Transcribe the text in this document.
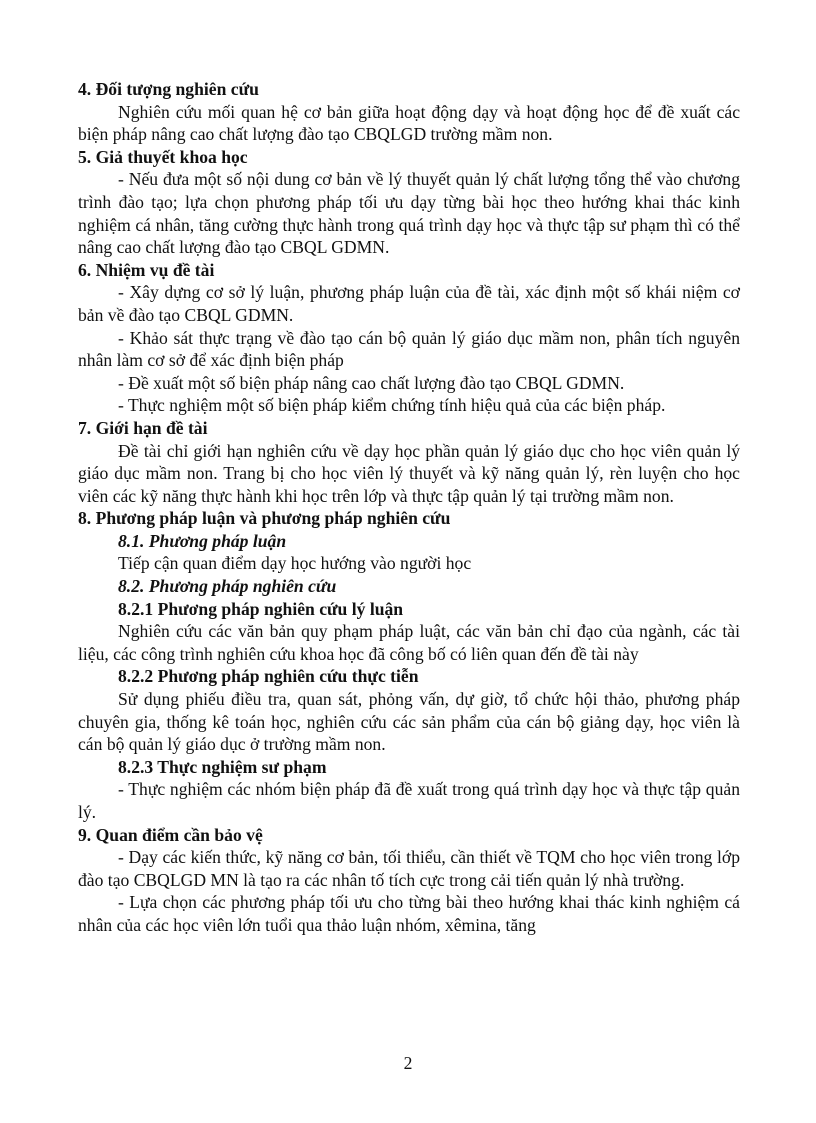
4. Đối tượng nghiên cứu

Nghiên cứu mối quan hệ cơ bản giữa hoạt động dạy và hoạt động học để đề xuất các biện pháp nâng cao chất lượng đào tạo CBQLGD trường mầm non.

5. Giả thuyết khoa học

- Nếu đưa một số nội dung cơ bản về lý thuyết quản lý chất lượng tổng thể vào chương trình đào tạo; lựa chọn phương pháp tối ưu dạy từng bài học theo hướng khai thác kinh nghiệm cá nhân, tăng cường thực hành trong quá trình dạy học và thực tập sư phạm thì có thể nâng cao chất lượng đào tạo CBQL GDMN.

6. Nhiệm vụ đề tài

- Xây dựng cơ sở lý luận, phương pháp luận của đề tài, xác định một số khái niệm cơ bản về đào tạo CBQL GDMN.

- Khảo sát thực trạng về đào tạo cán bộ quản lý giáo dục mầm non, phân tích nguyên nhân làm cơ sở để xác định biện pháp

- Đề xuất một số biện pháp nâng cao chất lượng đào tạo CBQL GDMN.

- Thực nghiệm một số biện pháp kiểm chứng tính hiệu quả của các biện pháp.

7. Giới hạn đề tài

Đề tài chỉ giới hạn nghiên cứu về dạy học phần quản lý giáo dục cho học viên quản lý giáo dục mầm non. Trang bị cho học viên lý thuyết và kỹ năng quản lý, rèn luyện cho học viên các kỹ năng thực hành khi học trên lớp và thực tập quản lý tại trường mầm non.

8. Phương pháp luận và phương pháp nghiên cứu

8.1. Phương pháp luận

Tiếp cận quan điểm dạy học hướng vào người học

8.2. Phương pháp nghiên cứu

8.2.1 Phương pháp nghiên cứu lý luận

Nghiên cứu các văn bản quy phạm pháp luật, các văn bản chỉ đạo của ngành, các tài liệu, các công trình nghiên cứu khoa học đã công bố có liên quan đến đề tài này

8.2.2 Phương pháp nghiên cứu thực tiễn

Sử dụng phiếu điều tra, quan sát, phỏng vấn, dự giờ, tổ chức hội thảo, phương pháp chuyên gia, thống kê toán học, nghiên cứu các sản phẩm của cán bộ giảng dạy, học viên là cán bộ quản lý giáo dục ở trường mầm non.

8.2.3 Thực nghiệm sư phạm

- Thực nghiệm các nhóm biện pháp đã đề xuất trong quá trình dạy học và thực tập quản lý.

9. Quan điểm cần bảo vệ

- Dạy các kiến thức, kỹ năng cơ bản, tối thiểu, cần thiết về TQM cho học viên trong lớp đào tạo CBQLGD MN là tạo ra các nhân tố tích cực trong cải tiến quản lý nhà trường.

- Lựa chọn các phương pháp tối ưu cho từng bài theo hướng khai thác kinh nghiệm cá nhân của các học viên lớn tuổi qua thảo luận nhóm, xêmina, tăng

2
